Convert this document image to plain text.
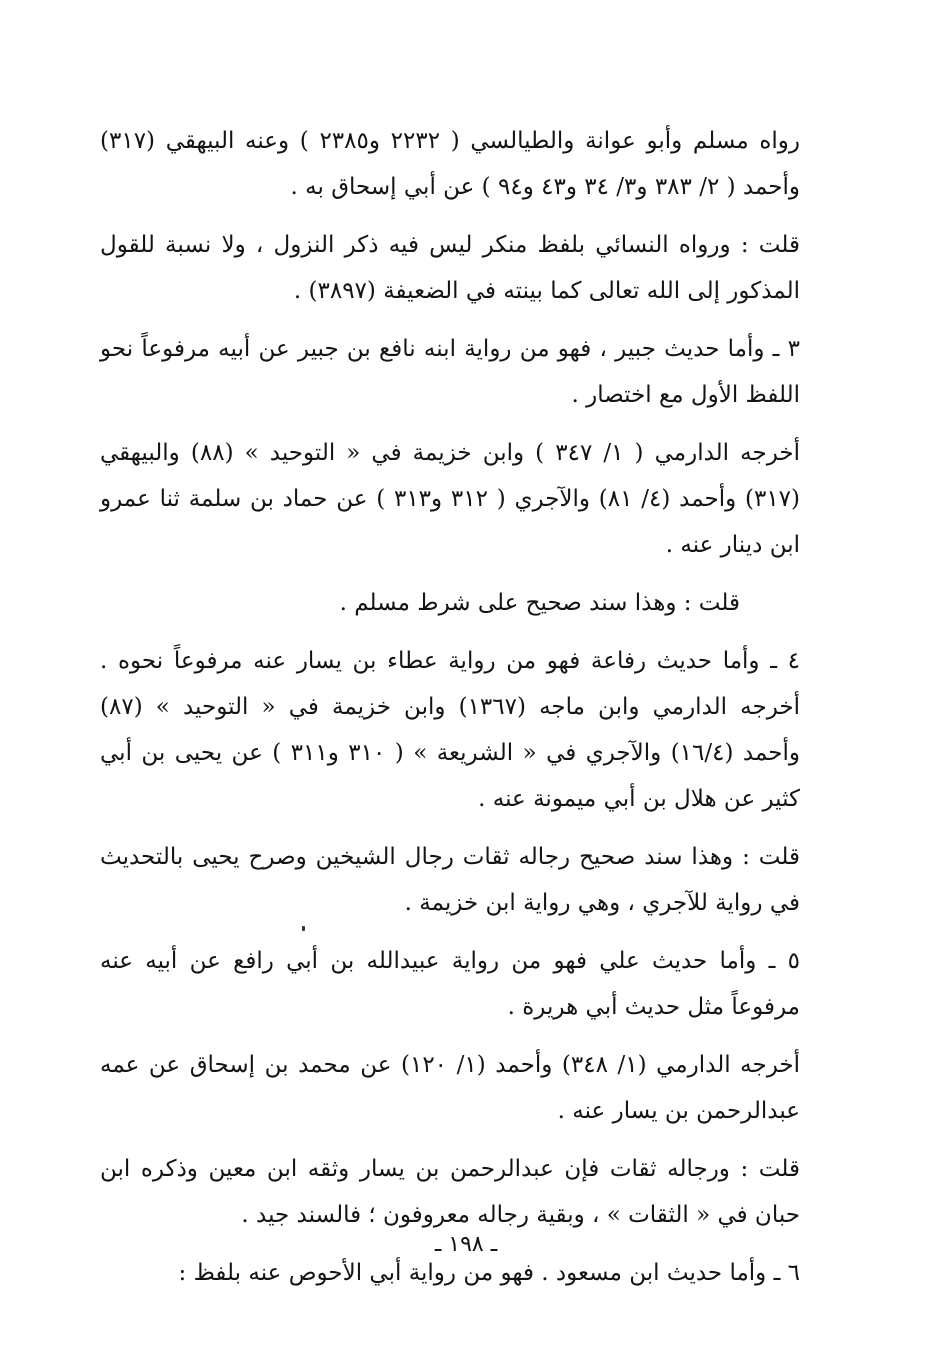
رواه مسلم وأبو عوانة والطيالسي ( ٢٢٣٢ و٢٣٨٥ ) وعنه البيهقي (٣١٧) وأحمد ( ٢/ ٣٨٣ و٣/ ٣٤ و٤٣ و٩٤ ) عن أبي إسحاق به .

قلت : ورواه النسائي بلفظ منكر ليس فيه ذكر النزول ، ولا نسبة للقول المذكور إلى الله تعالى كما بينته في الضعيفة (٣٨٩٧) .

٣ ـ وأما حديث جبير ، فهو من رواية ابنه نافع بن جبير عن أبيه مرفوعاً نحو اللفظ الأول مع اختصار .

أخرجه الدارمي ( ١/ ٣٤٧ ) وابن خزيمة في « التوحيد » (٨٨) والبيهقي (٣١٧) وأحمد (٤/ ٨١) والآجري ( ٣١٢ و٣١٣ ) عن حماد بن سلمة ثنا عمرو ابن دينار عنه .

قلت : وهذا سند صحيح على شرط مسلم .

٤ ـ وأما حديث رفاعة فهو من رواية عطاء بن يسار عنه مرفوعاً نحوه . أخرجه الدارمي وابن ماجه (١٣٦٧) وابن خزيمة في « التوحيد » (٨٧) وأحمد (١٦/٤) والآجري في « الشريعة » ( ٣١٠ و٣١١ ) عن يحيى بن أبي كثير عن هلال بن أبي ميمونة عنه .

قلت : وهذا سند صحيح رجاله ثقات رجال الشيخين وصرح يحيى بالتحديث في رواية للآجري ، وهي رواية ابن خزيمة .

٥ ـ وأما حديث علي فهو من رواية عبيدالله بن أبي رافع عن أبيه عنه مرفوعاً مثل حديث أبي هريرة .

أخرجه الدارمي (١/ ٣٤٨) وأحمد (١/ ١٢٠) عن محمد بن إسحاق عن عمه عبدالرحمن بن يسار عنه .

قلت : ورجاله ثقات فإن عبدالرحمن بن يسار وثقه ابن معين وذكره ابن حبان في « الثقات » ، وبقية رجاله معروفون ؛ فالسند جيد .

٦ ـ وأما حديث ابن مسعود . فهو من رواية أبي الأحوص عنه بلفظ :

ـ ١٩٨ ـ
